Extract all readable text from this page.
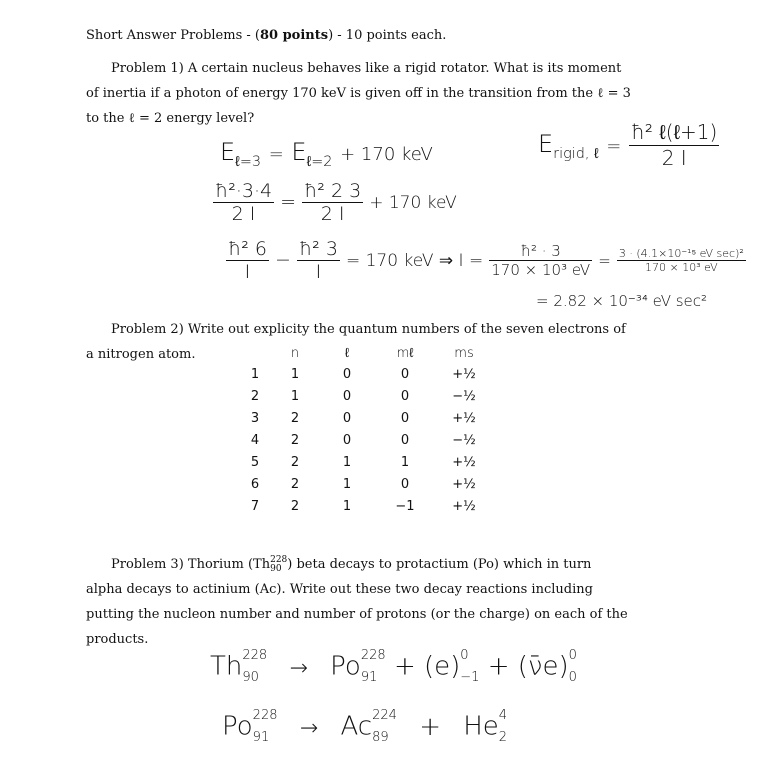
Short Answer Problems - (80 points) - 10 points each.
Problem 1) A certain nucleus behaves like a rigid rotator. What is its moment
of inertia if a photon of energy 170 keV is given off in the transition from the ℓ = 3
to the ℓ = 2 energy level?
$E_{\ell=3} = E_{\ell=2} + 170$ keV	$E_{rigid, \ell} = \frac{\text{ħ² ℓ(ℓ+1)}}{2 I}$
$\frac{\text{ħ²·3·4}}{2 I} = \frac{\text{ħ² 2 3}}{2 I} + 170$ keV
$\frac{\text{ħ² 6}}{I} - \frac{\text{ħ² 3}}{I} = 170$ keV ⇒ $I = \frac{\text{ħ² · 3}}{\text{170 × 10³ eV}} = \frac{\text{3 · (4.1×10⁻¹⁵ eV sec)²}}{\text{170 × 10³ eV}}$
= 2.82 × 10⁻³⁴ eV sec²
Problem 2) Write out explicity the quantum numbers of the seven electrons of
a nitrogen atom.
		n	ℓ	mℓ	ms
1	1	0	0	+½
2	1	0	0	−½
3	2	0	0	+½
4	2	0	0	−½
5	2	1	1	+½
6	2	1	0	+½
7	2	1	−1	+½
Problem 3) Thorium (Th 228
90 ) beta decays to protactium (Po) which in turn
alpha decays to actinium (Ac). Write out these two decay reactions including
putting the nucleon number and number of protons (or the charge) on each of the
products.
Th 228
90	→ Po 228
91 + (e) 0
−1 + (ν̄e) 0
0
Po 228
91	→ Ac 224
89	+ He 4
2
